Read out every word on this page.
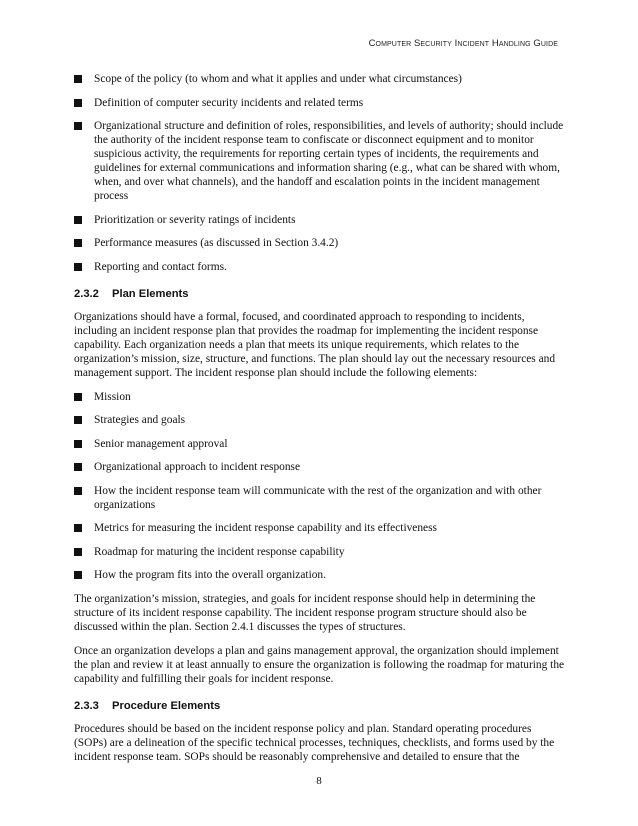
Computer Security Incident Handling Guide
Scope of the policy (to whom and what it applies and under what circumstances)
Definition of computer security incidents and related terms
Organizational structure and definition of roles, responsibilities, and levels of authority; should include the authority of the incident response team to confiscate or disconnect equipment and to monitor suspicious activity, the requirements for reporting certain types of incidents, the requirements and guidelines for external communications and information sharing (e.g., what can be shared with whom, when, and over what channels), and the handoff and escalation points in the incident management process
Prioritization or severity ratings of incidents
Performance measures (as discussed in Section 3.4.2)
Reporting and contact forms.
2.3.2 Plan Elements

Organizations should have a formal, focused, and coordinated approach to responding to incidents, including an incident response plan that provides the roadmap for implementing the incident response capability. Each organization needs a plan that meets its unique requirements, which relates to the organization’s mission, size, structure, and functions. The plan should lay out the necessary resources and management support. The incident response plan should include the following elements:

Mission
Strategies and goals
Senior management approval
Organizational approach to incident response
How the incident response team will communicate with the rest of the organization and with other organizations
Metrics for measuring the incident response capability and its effectiveness
Roadmap for maturing the incident response capability
How the program fits into the overall organization.

The organization’s mission, strategies, and goals for incident response should help in determining the structure of its incident response capability. The incident response program structure should also be discussed within the plan. Section 2.4.1 discusses the types of structures.

Once an organization develops a plan and gains management approval, the organization should implement the plan and review it at least annually to ensure the organization is following the roadmap for maturing the capability and fulfilling their goals for incident response.

2.3.3 Procedure Elements

Procedures should be based on the incident response policy and plan. Standard operating procedures (SOPs) are a delineation of the specific technical processes, techniques, checklists, and forms used by the incident response team. SOPs should be reasonably comprehensive and detailed to ensure that the

8
